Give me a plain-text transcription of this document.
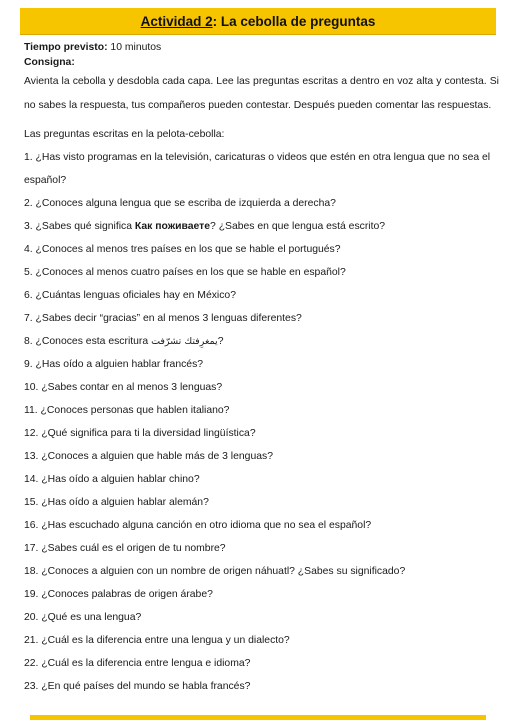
Actividad 2: La cebolla de preguntas

Tiempo previsto: 10 minutos

Consigna:

Avienta la cebolla y desdobla cada capa. Lee las preguntas escritas a dentro en voz alta y contesta. Si no sabes la respuesta, tus compañeros pueden contestar. Después pueden comentar las respuestas.

Las preguntas escritas en la pelota-cebolla:

1. ¿Has visto programas en la televisión, caricaturas o videos que estén en otra lengua que no sea el español?

2. ¿Conoces alguna lengua que se escriba de izquierda a derecha?

3. ¿Sabes qué significa Как поживаете? ¿Sabes en que lengua está escrito?

4. ¿Conoces al menos tres países en los que se hable el portugués?

5. ¿Conoces al menos cuatro países en los que se hable en español?

6. ¿Cuántas lenguas oficiales hay en México?

7. ¿Sabes decir “gracias” en al menos 3 lenguas diferentes?

8. ¿Conoces esta escritura يمغرِفتك تشرّفت?

9. ¿Has oído a alguien hablar francés?

10. ¿Sabes contar en al menos 3 lenguas?

11. ¿Conoces personas que hablen italiano?

12. ¿Qué significa para ti la diversidad lingüística?

13. ¿Conoces a alguien que hable más de 3 lenguas?

14. ¿Has oído a alguien hablar chino?

15. ¿Has oído a alguien hablar alemán?

16. ¿Has escuchado alguna canción en otro idioma que no sea el español?

17. ¿Sabes cuál es el origen de tu nombre?

18. ¿Conoces a alguien con un nombre de origen náhuatl? ¿Sabes su significado?

19. ¿Conoces palabras de origen árabe?

20. ¿Qué es una lengua?

21. ¿Cuál es la diferencia entre una lengua y un dialecto?

22. ¿Cuál es la diferencia entre lengua e idioma?

23. ¿En qué países del mundo se habla francés?
